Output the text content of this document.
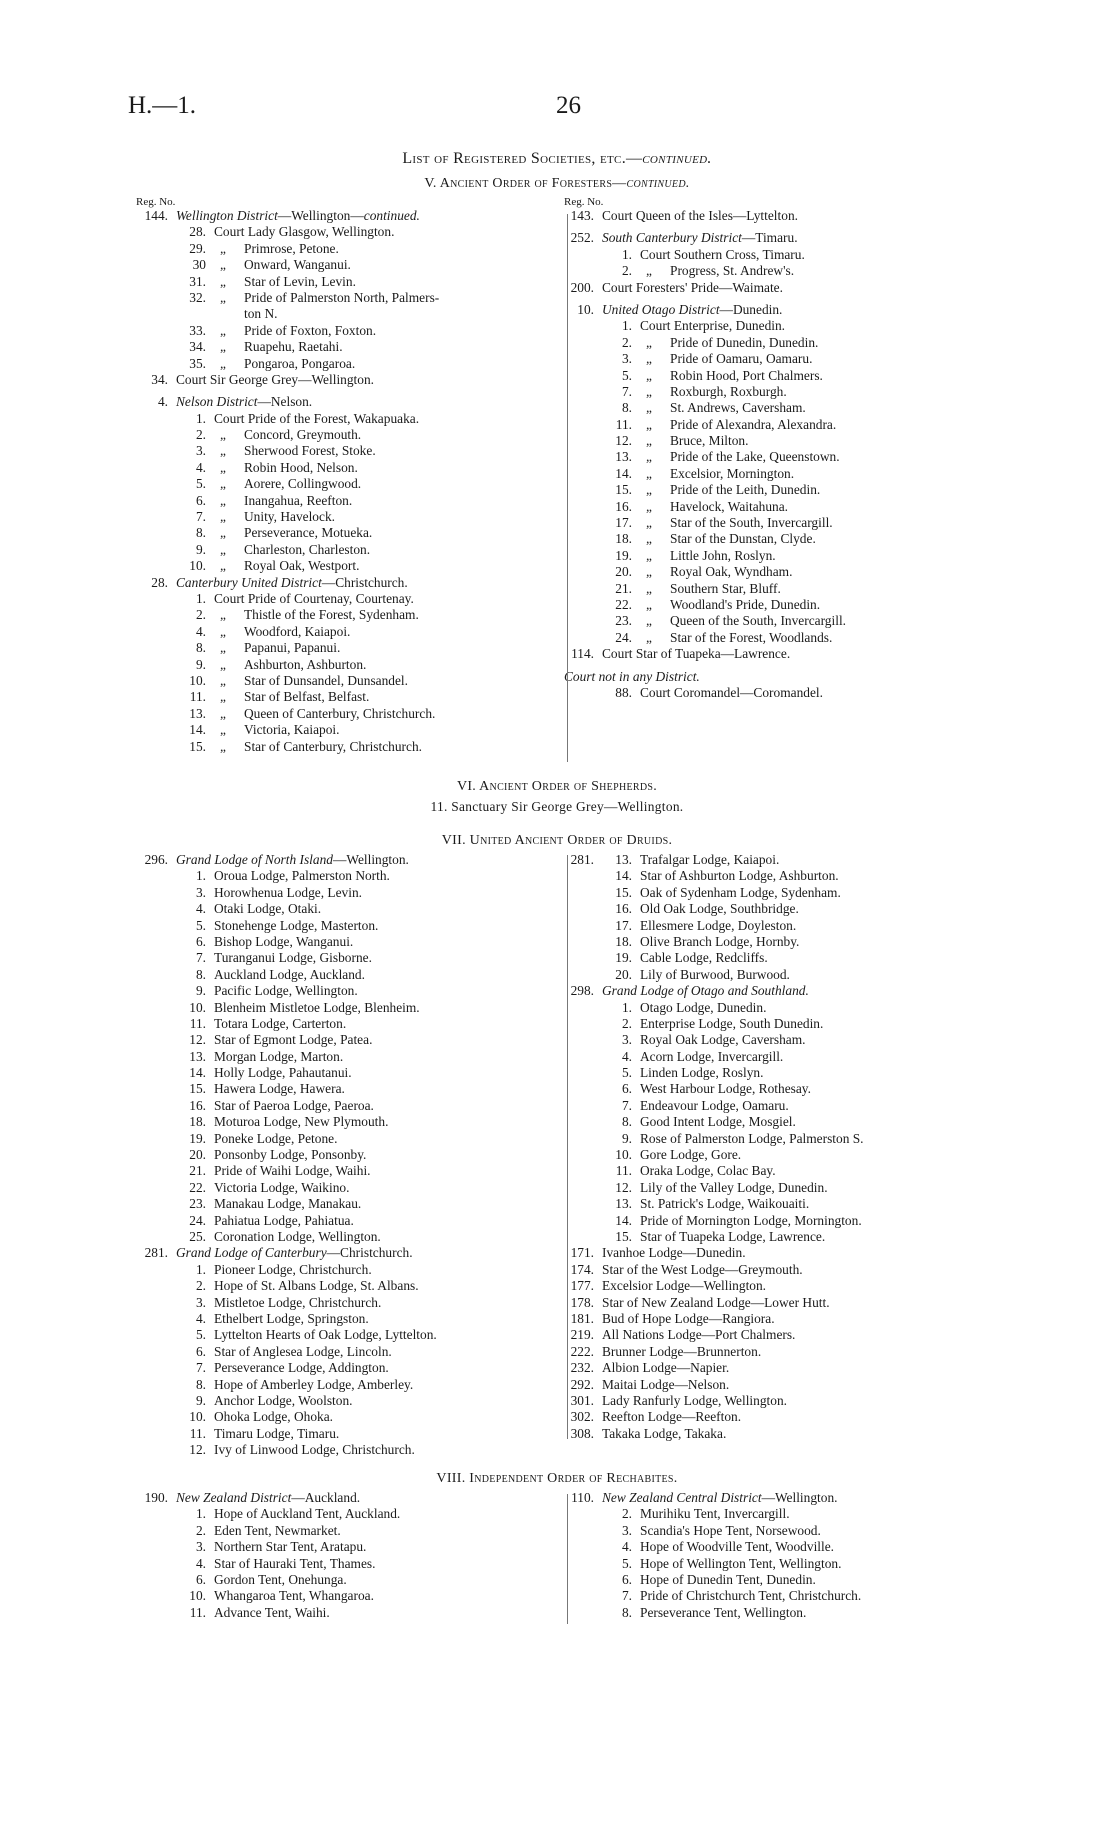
H.—1.	26
List of Registered Societies, etc.—continued.
V. Ancient Order of Foresters—continued.
Reg. No.
144. Wellington District—Wellington—continued.
28. Court Lady Glasgow, Wellington.
29. „ Primrose, Petone.
30 „ Onward, Wanganui.
31. „ Star of Levin, Levin.
32. „ Pride of Palmerston North, Palmers-
ton N.
33. „ Pride of Foxton, Foxton.
34. „ Ruapehu, Raetahi.
35. „ Pongaroa, Pongaroa.
34. Court Sir George Grey—Wellington.
4. Nelson District—Nelson.
1. Court Pride of the Forest, Wakapuaka.
2. „ Concord, Greymouth.
3. „ Sherwood Forest, Stoke.
4. „ Robin Hood, Nelson.
5. „ Aorere, Collingwood.
6. „ Inangahua, Reefton.
7. „ Unity, Havelock.
8. „ Perseverance, Motueka.
9. „ Charleston, Charleston.
10. „ Royal Oak, Westport.
28. Canterbury United District—Christchurch.
1. Court Pride of Courtenay, Courtenay.
2. „ Thistle of the Forest, Sydenham.
4. „ Woodford, Kaiapoi.
8. „ Papanui, Papanui.
9. „ Ashburton, Ashburton.
10. „ Star of Dunsandel, Dunsandel.
11. „ Star of Belfast, Belfast.
13. „ Queen of Canterbury, Christchurch.
14. „ Victoria, Kaiapoi.
15. „ Star of Canterbury, Christchurch.
Reg. No.
143. Court Queen of the Isles—Lyttelton.
252. South Canterbury District—Timaru.
1. Court Southern Cross, Timaru.
2. „ Progress, St. Andrew's.
200. Court Foresters' Pride—Waimate.
10. United Otago District—Dunedin.
1. Court Enterprise, Dunedin.
2. „ Pride of Dunedin, Dunedin.
3. „ Pride of Oamaru, Oamaru.
5. „ Robin Hood, Port Chalmers.
7. „ Roxburgh, Roxburgh.
8. „ St. Andrews, Caversham.
11. „ Pride of Alexandra, Alexandra.
12. „ Bruce, Milton.
13. „ Pride of the Lake, Queenstown.
14. „ Excelsior, Mornington.
15. „ Pride of the Leith, Dunedin.
16. „ Havelock, Waitahuna.
17. „ Star of the South, Invercargill.
18. „ Star of the Dunstan, Clyde.
19. „ Little John, Roslyn.
20. „ Royal Oak, Wyndham.
21. „ Southern Star, Bluff.
22. „ Woodland's Pride, Dunedin.
23. „ Queen of the South, Invercargill.
24. „ Star of the Forest, Woodlands.
114. Court Star of Tuapeka—Lawrence.
Court not in any District.
88. Court Coromandel—Coromandel.
VI. Ancient Order of Shepherds.
11. Sanctuary Sir George Grey—Wellington.
VII. United Ancient Order of Druids.
296. Grand Lodge of North Island—Wellington.
1. Oroua Lodge, Palmerston North.
3. Horowhenua Lodge, Levin.
4. Otaki Lodge, Otaki.
5. Stonehenge Lodge, Masterton.
6. Bishop Lodge, Wanganui.
7. Turanganui Lodge, Gisborne.
8. Auckland Lodge, Auckland.
9. Pacific Lodge, Wellington.
10. Blenheim Mistletoe Lodge, Blenheim.
11. Totara Lodge, Carterton.
12. Star of Egmont Lodge, Patea.
13. Morgan Lodge, Marton.
14. Holly Lodge, Pahautanui.
15. Hawera Lodge, Hawera.
16. Star of Paeroa Lodge, Paeroa.
18. Moturoa Lodge, New Plymouth.
19. Poneke Lodge, Petone.
20. Ponsonby Lodge, Ponsonby.
21. Pride of Waihi Lodge, Waihi.
22. Victoria Lodge, Waikino.
23. Manakau Lodge, Manakau.
24. Pahiatua Lodge, Pahiatua.
25. Coronation Lodge, Wellington.
281. Grand Lodge of Canterbury—Christchurch.
1. Pioneer Lodge, Christchurch.
2. Hope of St. Albans Lodge, St. Albans.
3. Mistletoe Lodge, Christchurch.
4. Ethelbert Lodge, Springston.
5. Lyttelton Hearts of Oak Lodge, Lyttelton.
6. Star of Anglesea Lodge, Lincoln.
7. Perseverance Lodge, Addington.
8. Hope of Amberley Lodge, Amberley.
9. Anchor Lodge, Woolston.
10. Ohoka Lodge, Ohoka.
11. Timaru Lodge, Timaru.
12. Ivy of Linwood Lodge, Christchurch.
281.	13. Trafalgar Lodge, Kaiapoi.
14. Star of Ashburton Lodge, Ashburton.
15. Oak of Sydenham Lodge, Sydenham.
16. Old Oak Lodge, Southbridge.
17. Ellesmere Lodge, Doyleston.
18. Olive Branch Lodge, Hornby.
19. Cable Lodge, Redcliffs.
20. Lily of Burwood, Burwood.
298. Grand Lodge of Otago and Southland.
1. Otago Lodge, Dunedin.
2. Enterprise Lodge, South Dunedin.
3. Royal Oak Lodge, Caversham.
4. Acorn Lodge, Invercargill.
5. Linden Lodge, Roslyn.
6. West Harbour Lodge, Rothesay.
7. Endeavour Lodge, Oamaru.
8. Good Intent Lodge, Mosgiel.
9. Rose of Palmerston Lodge, Palmerston S.
10. Gore Lodge, Gore.
11. Oraka Lodge, Colac Bay.
12. Lily of the Valley Lodge, Dunedin.
13. St. Patrick's Lodge, Waikouaiti.
14. Pride of Mornington Lodge, Mornington.
15. Star of Tuapeka Lodge, Lawrence.
171. Ivanhoe Lodge—Dunedin.
174. Star of the West Lodge—Greymouth.
177. Excelsior Lodge—Wellington.
178. Star of New Zealand Lodge—Lower Hutt.
181. Bud of Hope Lodge—Rangiora.
219. All Nations Lodge—Port Chalmers.
222. Brunner Lodge—Brunnerton.
232. Albion Lodge—Napier.
292. Maitai Lodge—Nelson.
301. Lady Ranfurly Lodge, Wellington.
302. Reefton Lodge—Reefton.
308. Takaka Lodge, Takaka.
VIII. Independent Order of Rechabites.
190. New Zealand District—Auckland.
1. Hope of Auckland Tent, Auckland.
2. Eden Tent, Newmarket.
3. Northern Star Tent, Aratapu.
4. Star of Hauraki Tent, Thames.
6. Gordon Tent, Onehunga.
10. Whangaroa Tent, Whangaroa.
11. Advance Tent, Waihi.
110. New Zealand Central District—Wellington.
2. Murihiku Tent, Invercargill.
3. Scandia's Hope Tent, Norsewood.
4. Hope of Woodville Tent, Woodville.
5. Hope of Wellington Tent, Wellington.
6. Hope of Dunedin Tent, Dunedin.
7. Pride of Christchurch Tent, Christchurch.
8. Perseverance Tent, Wellington.
